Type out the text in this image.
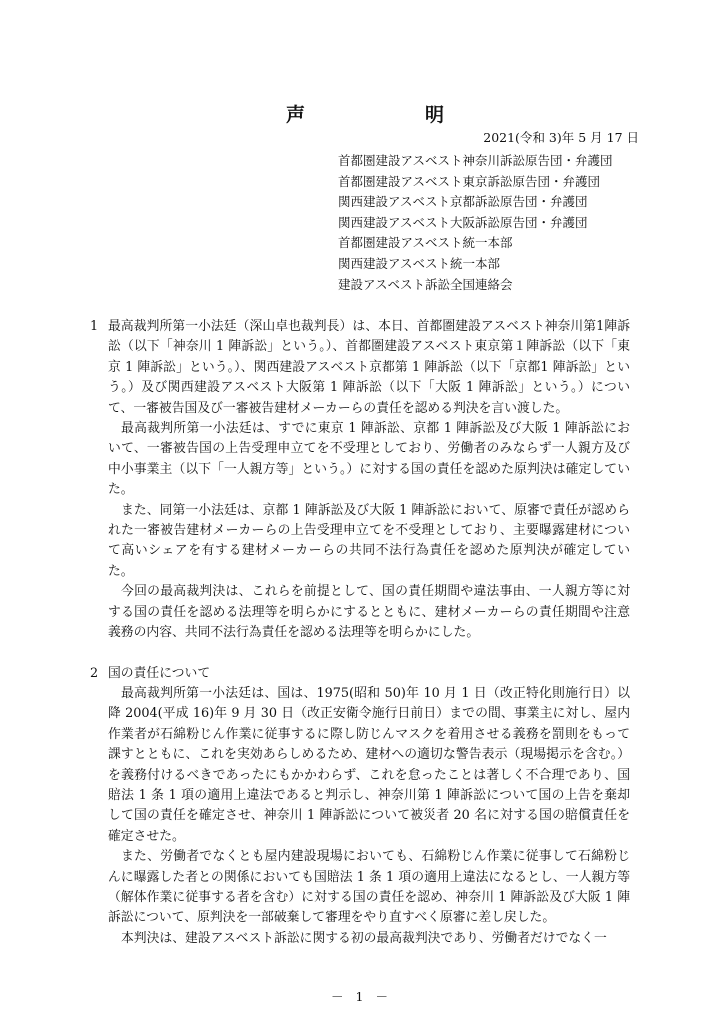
声	明
2021(令和 3)年 5 月 17 日
首都圏建設アスベスト神奈川訴訟原告団・弁護団
首都圏建設アスベスト東京訴訟原告団・弁護団
関西建設アスベスト京都訴訟原告団・弁護団
関西建設アスベスト大阪訴訟原告団・弁護団
首都圏建設アスベスト統一本部
関西建設アスベスト統一本部
建設アスベスト訴訟全国連絡会

1 最高裁判所第一小法廷（深山卓也裁判長）は、本日、首都圏建設アスベスト神奈川第1陣訴訟（以下「神奈川 1 陣訴訟」という。）、首都圏建設アスベスト東京第１陣訴訟（以下「東京 1 陣訴訟」という。）、関西建設アスベスト京都第 1 陣訴訟（以下「京都1 陣訴訟」という。）及び関西建設アスベスト大阪第 1 陣訴訟（以下「大阪 1 陣訴訟」という。）について、一審被告国及び一審被告建材メーカーらの責任を認める判決を言い渡した。

最高裁判所第一小法廷は、すでに東京 1 陣訴訟、京都 1 陣訴訟及び大阪 1 陣訴訟において、一審被告国の上告受理申立てを不受理としており、労働者のみならず一人親方及び中小事業主（以下「一人親方等」という。）に対する国の責任を認めた原判決は確定していた。

また、同第一小法廷は、京都 1 陣訴訟及び大阪 1 陣訴訟において、原審で責任が認められた一審被告建材メーカーらの上告受理申立てを不受理としており、主要曝露建材について高いシェアを有する建材メーカーらの共同不法行為責任を認めた原判決が確定していた。

今回の最高裁判決は、これらを前提として、国の責任期間や違法事由、一人親方等に対する国の責任を認める法理等を明らかにするとともに、建材メーカーらの責任期間や注意義務の内容、共同不法行為責任を認める法理等を明らかにした。

2 国の責任について

最高裁判所第一小法廷は、国は、1975(昭和 50)年 10 月 1 日（改正特化則施行日）以降 2004(平成 16)年 9 月 30 日（改正安衛令施行日前日）までの間、事業主に対し、屋内作業者が石綿粉じん作業に従事するに際し防じんマスクを着用させる義務を罰則をもって課すとともに、これを実効あらしめるため、建材への適切な警告表示（現場掲示を含む。）を義務付けるべきであったにもかかわらず、これを怠ったことは著しく不合理であり、国賠法 1 条 1 項の適用上違法であると判示し、神奈川第 1 陣訴訟について国の上告を棄却して国の責任を確定させ、神奈川 1 陣訴訟について被災者 20 名に対する国の賠償責任を確定させた。

また、労働者でなくとも屋内建設現場においても、石綿粉じん作業に従事して石綿粉じんに曝露した者との関係においても国賠法 1 条 1 項の適用上違法になるとし、一人親方等（解体作業に従事する者を含む）に対する国の責任を認め、神奈川 1 陣訴訟及び大阪 1 陣訴訟について、原判決を一部破棄して審理をやり直すべく原審に差し戻した。

本判決は、建設アスベスト訴訟に関する初の最高裁判決であり、労働者だけでなく一

－ 1 －
